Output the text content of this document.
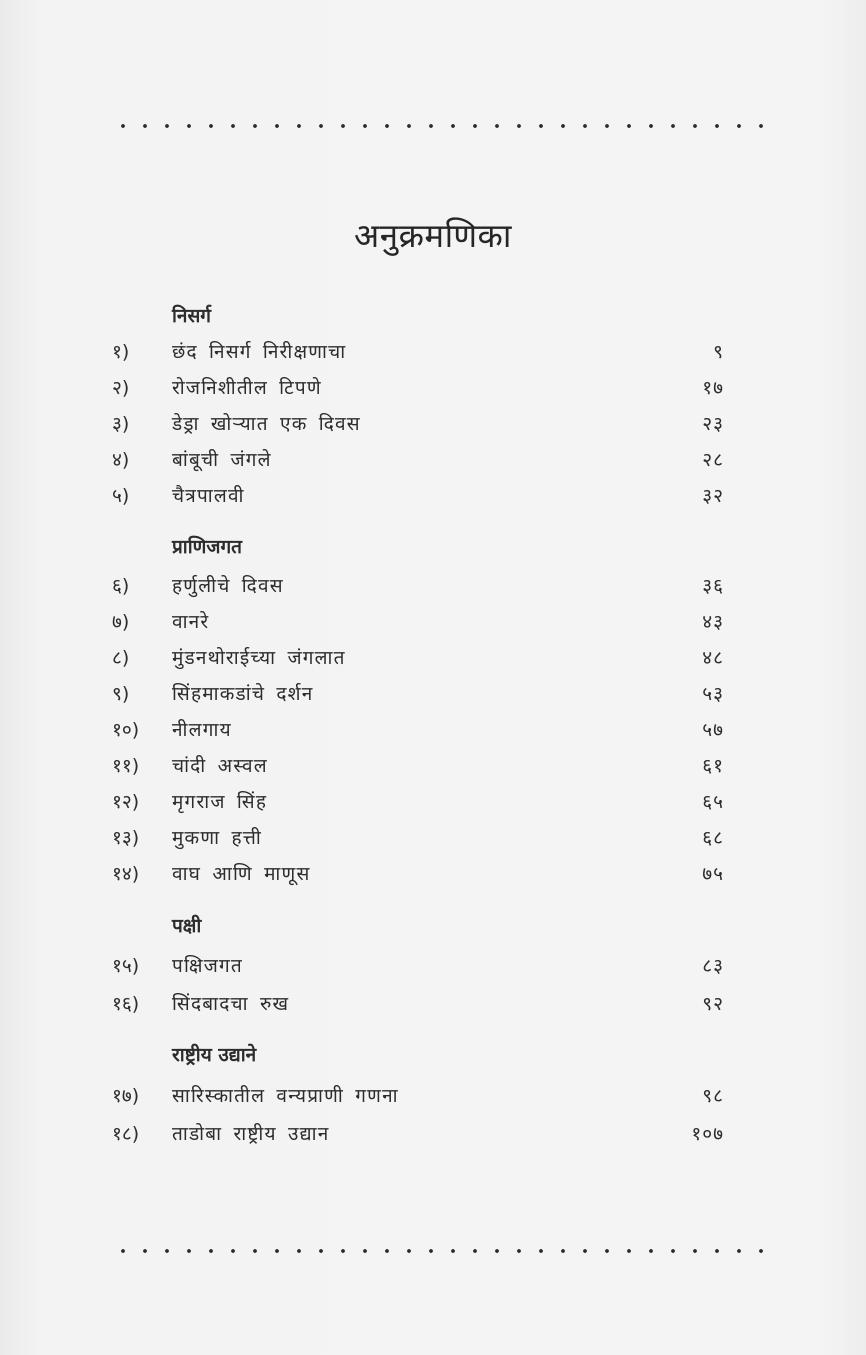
अनुक्रमणिका
निसर्ग
१) छंद निसर्ग निरीक्षणाचा	९
२) रोजनिशीतील टिपणे	१७
३) डेड्रा खोऱ्यात एक दिवस	२३
४) बांबूची जंगले	२८
५) चैत्रपालवी	३२
प्राणिजगत
६) हर्णुलीचे दिवस	३६
७) वानरे	४३
८) मुंडनथोराईच्या जंगलात	४८
९) सिंहमाकडांचे दर्शन	५३
१०) नीलगाय	५७
११) चांदी अस्वल	६१
१२) मृगराज सिंह	६५
१३) मुकणा हत्ती	६८
१४) वाघ आणि माणूस	७५
पक्षी
१५) पक्षिजगत	८३
१६) सिंदबादचा रुख	९२
राष्ट्रीय उद्याने
१७) सारिस्कातील वन्यप्राणी गणना	९८
१८) ताडोबा राष्ट्रीय उद्यान	१०७
